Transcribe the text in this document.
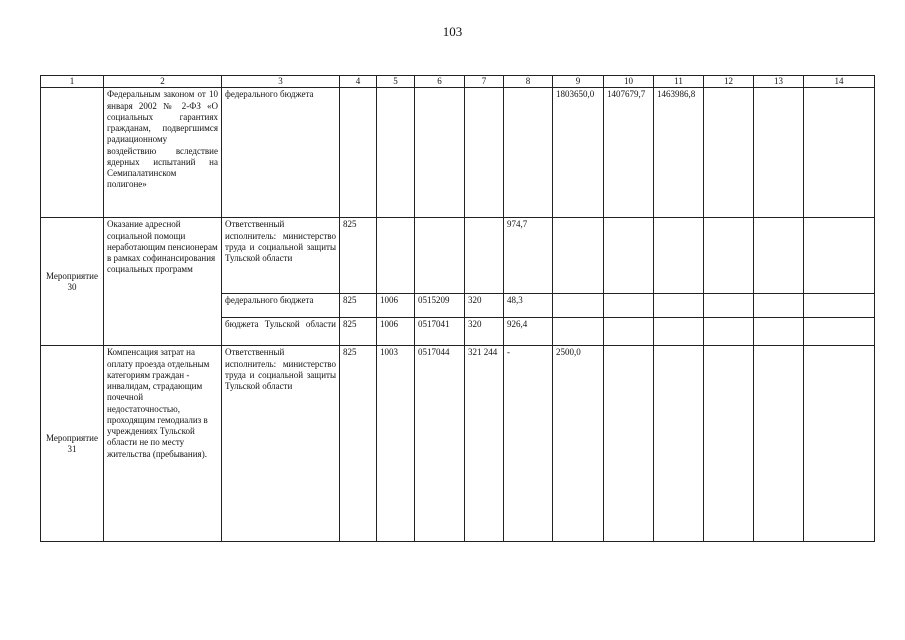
103
1	2	3	4	5	6	7	8	9	10	11	12	13	14
	Федеральным законом от 10 января 2002 № 2-ФЗ «О социальных гарантиях гражданам, подвергшимся радиационному воздействию вследствие ядерных испытаний на Семипалатинском полигоне»	федерального бюджета						1803650,0	1407679,7	1463986,8			
Мероприятие 30	Оказание адресной социальной помощи неработающим пенсионерам в рамках софинансирования социальных программ	Ответственный исполнитель: министерство труда и социальной защиты Тульской области	825				974,7						
		федерального бюджета	825	1006	0515209	320	48,3						
		бюджета Тульской области	825	1006	0517041	320	926,4						
Мероприятие 31	Компенсация затрат на оплату проезда отдельным категориям граждан - инвалидам, страдающим почечной недостаточностью, проходящим гемодиализ в учреждениях Тульской области не по месту жительства (пребывания).	Ответственный исполнитель: министерство труда и социальной защиты Тульской области	825	1003	0517044	321 244	-	2500,0					
